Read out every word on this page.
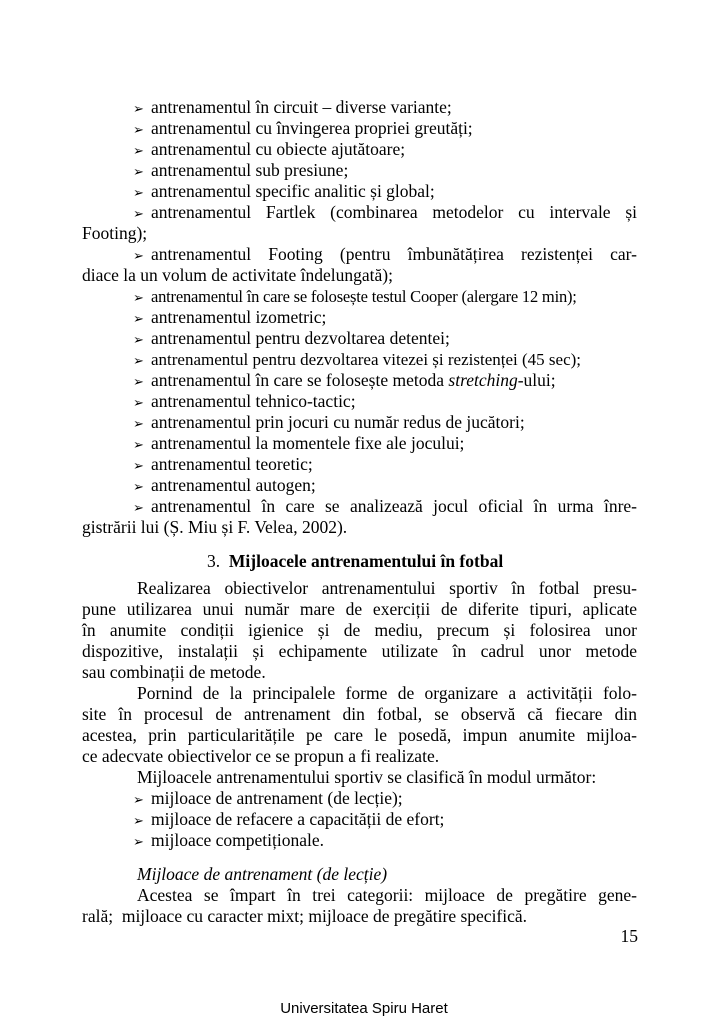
➢ antrenamentul în circuit – diverse variante;
➢ antrenamentul cu învingerea propriei greutăți;
➢ antrenamentul cu obiecte ajutătoare;
➢ antrenamentul sub presiune;
➢ antrenamentul specific analitic și global;
➢ antrenamentul Fartlek (combinarea metodelor cu intervale și
Footing);
➢ antrenamentul Footing (pentru îmbunătățirea rezistenței car-
diace la un volum de activitate îndelungată);
➢ antrenamentul în care se folosește testul Cooper (alergare 12 min);
➢ antrenamentul izometric;
➢ antrenamentul pentru dezvoltarea detentei;
➢ antrenamentul pentru dezvoltarea vitezei și rezistenței (45 sec);
➢ antrenamentul în care se folosește metoda stretching-ului;
➢ antrenamentul tehnico-tactic;
➢ antrenamentul prin jocuri cu număr redus de jucători;
➢ antrenamentul la momentele fixe ale jocului;
➢ antrenamentul teoretic;
➢ antrenamentul autogen;
➢ antrenamentul în care se analizează jocul oficial în urma înre-
gistrării lui (Ș. Miu și F. Velea, 2002).
3. Mijloacele antrenamentului în fotbal
Realizarea obiectivelor antrenamentului sportiv în fotbal presu-
pune utilizarea unui număr mare de exerciții de diferite tipuri, aplicate
în anumite condiții igienice și de mediu, precum și folosirea unor
dispozitive, instalații și echipamente utilizate în cadrul unor metode
sau combinații de metode.
Pornind de la principalele forme de organizare a activității folo-
site în procesul de antrenament din fotbal, se observă că fiecare din
acestea, prin particularitățile pe care le posedă, impun anumite mijloa-
ce adecvate obiectivelor ce se propun a fi realizate.
Mijloacele antrenamentului sportiv se clasifică în modul următor:
➢ mijloace de antrenament (de lecție);
➢ mijloace de refacere a capacității de efort;
➢ mijloace competiționale.
Mijloace de antrenament (de lecție)
Acestea se împart în trei categorii: mijloace de pregătire gene-
rală;  mijloace cu caracter mixt; mijloace de pregătire specifică.
15
Universitatea Spiru Haret
